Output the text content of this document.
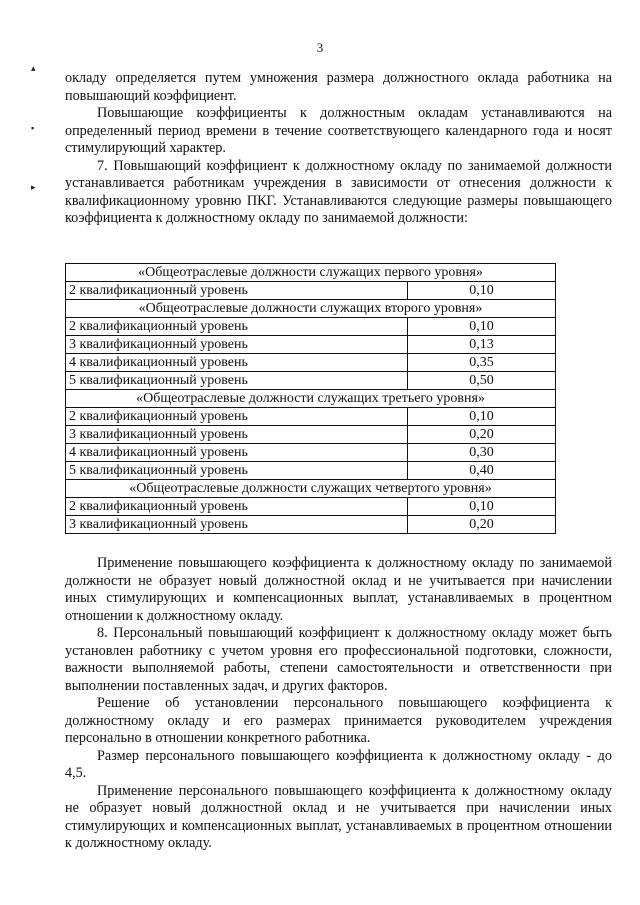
3
▴
▪
▸

окладу определяется путем умножения размера должностного оклада работника на повышающий коэффициент.

Повышающие коэффициенты к должностным окладам устанавливаются на определенный период времени в течение соответствующего календарного года и носят стимулирующий характер.

7. Повышающий коэффициент к должностному окладу по занимаемой должности устанавливается работникам учреждения в зависимости от отнесения должности к квалификационному уровню ПКГ. Устанавливаются следующие размеры повышающего коэффициента к должностному окладу по занимаемой должности:

«Общеотраслевые должности служащих первого уровня»	
2 квалификационный уровень	0,10
«Общеотраслевые должности служащих второго уровня»	
2 квалификационный уровень	0,10
3 квалификационный уровень	0,13
4 квалификационный уровень	0,35
5 квалификационный уровень	0,50
«Общеотраслевые должности служащих третьего уровня»	
2 квалификационный уровень	0,10
3 квалификационный уровень	0,20
4 квалификационный уровень	0,30
5 квалификационный уровень	0,40
«Общеотраслевые должности служащих четвертого уровня»	
2 квалификационный уровень	0,10
3 квалификационный уровень	0,20

Применение повышающего коэффициента к должностному окладу по занимаемой должности не образует новый должностной оклад и не учитывается при начислении иных стимулирующих и компенсационных выплат, устанавливаемых в процентном отношении к должностному окладу.

8. Персональный повышающий коэффициент к должностному окладу может быть установлен работнику с учетом уровня его профессиональной подготовки, сложности, важности выполняемой работы, степени самостоятельности и ответственности при выполнении поставленных задач, и других факторов.

Решение об установлении персонального повышающего коэффициента к должностному окладу и его размерах принимается руководителем учреждения персонально в отношении конкретного работника.

Размер персонального повышающего коэффициента к должностному окладу - до 4,5.

Применение персонального повышающего коэффициента к должностному окладу не образует новый должностной оклад и не учитывается при начислении иных стимулирующих и компенсационных выплат, устанавливаемых в процентном отношении к должностному окладу.
